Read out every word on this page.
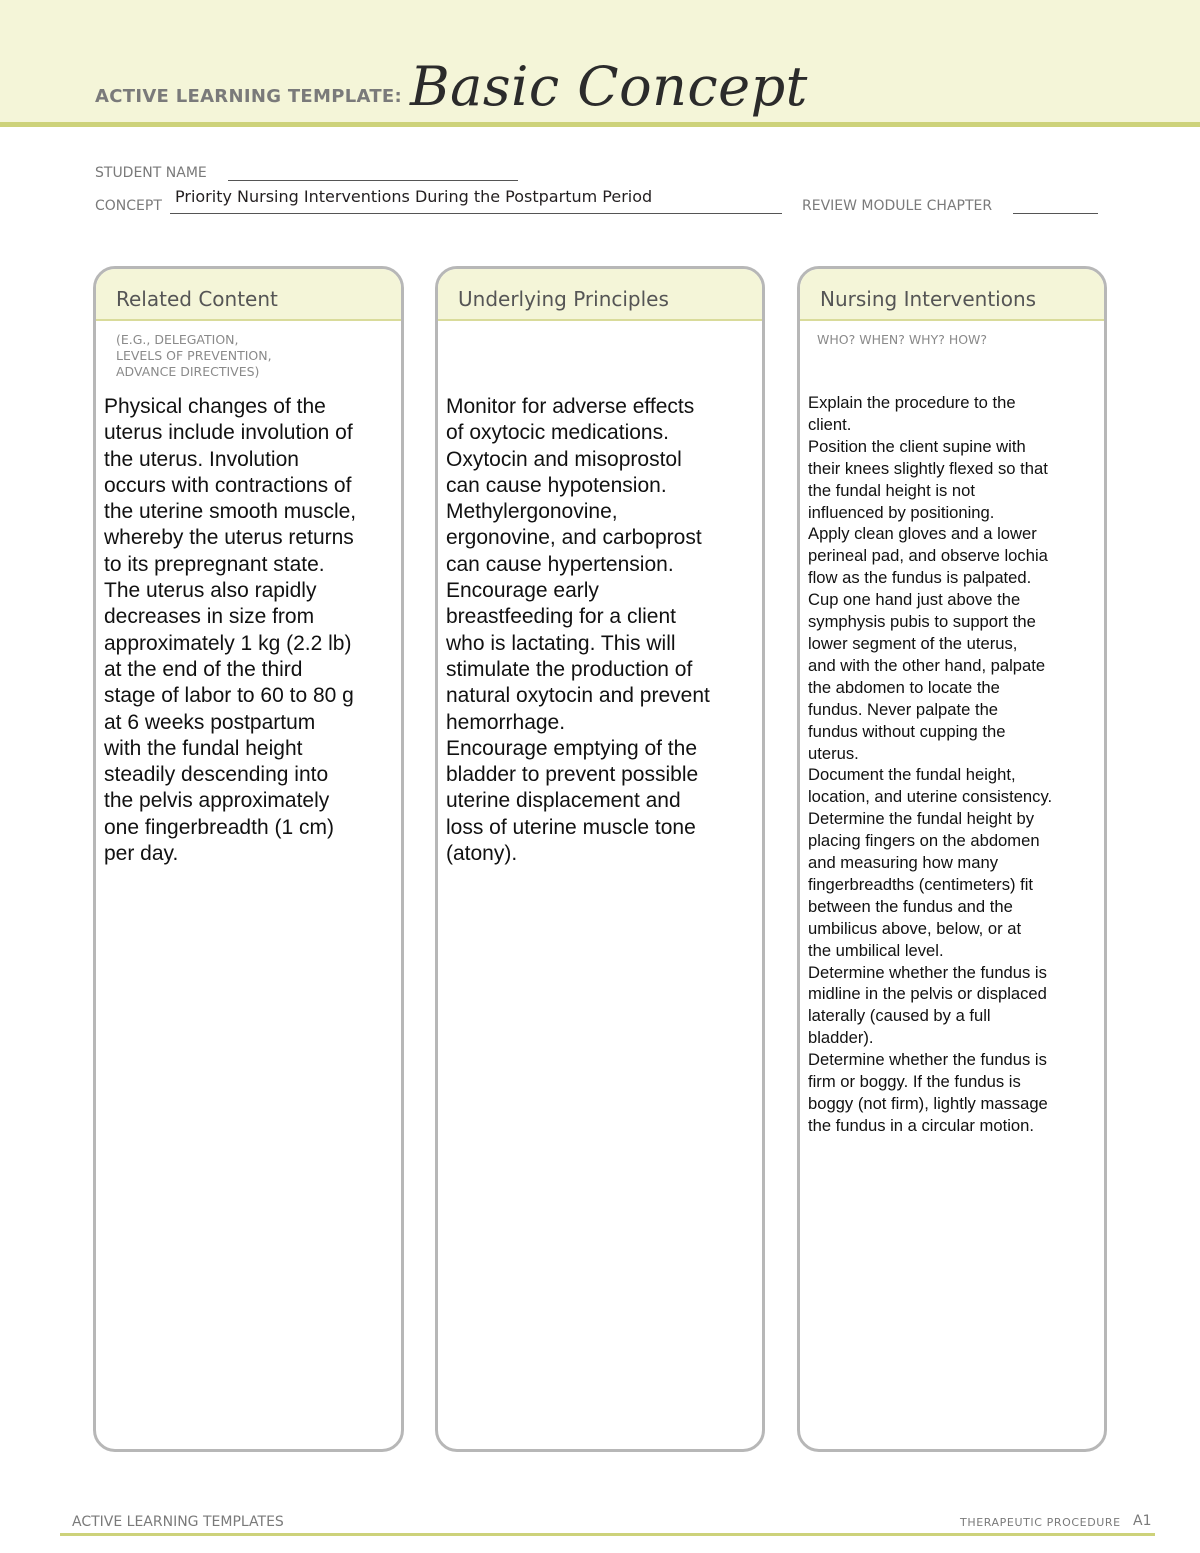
ACTIVE LEARNING TEMPLATE: Basic Concept
STUDENT NAME
CONCEPT Priority Nursing Interventions During the Postpartum Period	REVIEW MODULE CHAPTER
Related Content
(E.G., DELEGATION,
LEVELS OF PREVENTION,
ADVANCE DIRECTIVES)
Physical changes of the
uterus include involution of
the uterus. Involution
occurs with contractions of
the uterine smooth muscle,
whereby the uterus returns
to its prepregnant state.
The uterus also rapidly
decreases in size from
approximately 1 kg (2.2 lb)
at the end of the third
stage of labor to 60 to 80 g
at 6 weeks postpartum
with the fundal height
steadily descending into
the pelvis approximately
one fingerbreadth (1 cm)
per day.
Underlying Principles
Monitor for adverse effects
of oxytocic medications.
Oxytocin and misoprostol
can cause hypotension.
Methylergonovine,
ergonovine, and carboprost
can cause hypertension.
Encourage early
breastfeeding for a client
who is lactating. This will
stimulate the production of
natural oxytocin and prevent
hemorrhage.
Encourage emptying of the
bladder to prevent possible
uterine displacement and
loss of uterine muscle tone
(atony).
Nursing Interventions
WHO? WHEN? WHY? HOW?
Explain the procedure to the
client.
Position the client supine with
their knees slightly flexed so that
the fundal height is not
influenced by positioning.
Apply clean gloves and a lower
perineal pad, and observe lochia
flow as the fundus is palpated.
Cup one hand just above the
symphysis pubis to support the
lower segment of the uterus,
and with the other hand, palpate
the abdomen to locate the
fundus. Never palpate the
fundus without cupping the
uterus.
Document the fundal height,
location, and uterine consistency.
Determine the fundal height by
placing fingers on the abdomen
and measuring how many
fingerbreadths (centimeters) fit
between the fundus and the
umbilicus above, below, or at
the umbilical level.
Determine whether the fundus is
midline in the pelvis or displaced
laterally (caused by a full
bladder).
Determine whether the fundus is
firm or boggy. If the fundus is
boggy (not firm), lightly massage
the fundus in a circular motion.
ACTIVE LEARNING TEMPLATES	THERAPEUTIC PROCEDURE A1
